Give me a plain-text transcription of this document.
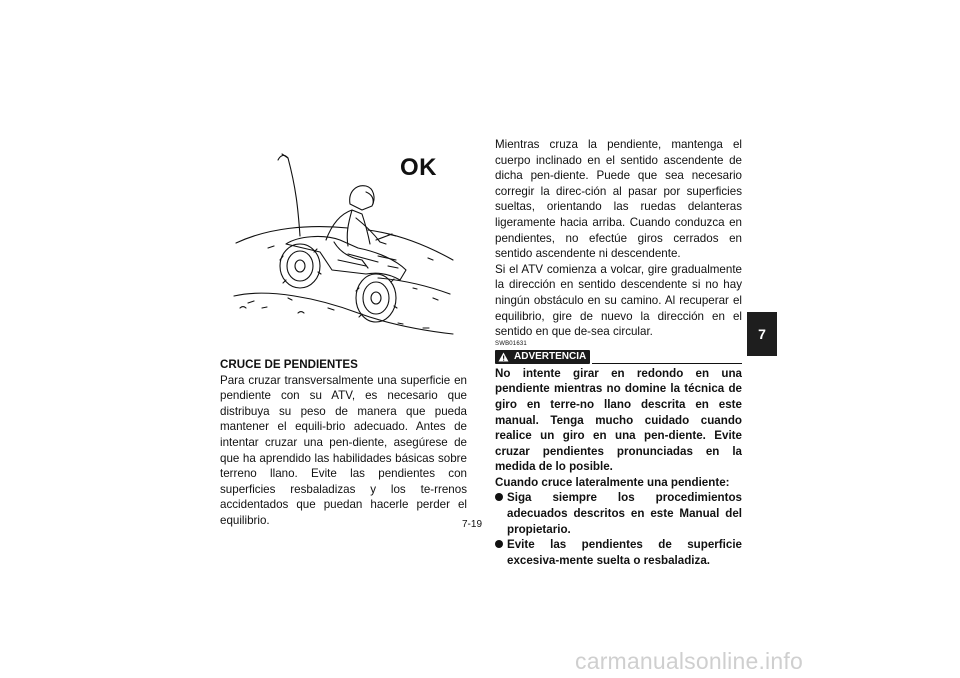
OK
CRUCE DE PENDIENTES

Para cruzar transversalmente una superficie en pendiente con su ATV, es necesario que distribuya su peso de manera que pueda mantener el equili-brio adecuado. Antes de intentar cruzar una pen-diente, asegúrese de que ha aprendido las habilidades básicas sobre terreno llano. Evite las pendientes con superficies resbaladizas y los te-rrenos accidentados que puedan hacerle perder el equilibrio.

Mientras cruza la pendiente, mantenga el cuerpo inclinado en el sentido ascendente de dicha pen-diente. Puede que sea necesario corregir la direc-ción al pasar por superficies sueltas, orientando las ruedas delanteras ligeramente hacia arriba. Cuando conduzca en pendientes, no efectúe giros cerrados en sentido ascendente ni descendente.

Si el ATV comienza a volcar, gire gradualmente la dirección en sentido descendente si no hay ningún obstáculo en su camino. Al recuperar el equilibrio, gire de nuevo la dirección en el sentido en que de-sea circular.

SWB01631
ADVERTENCIA

No intente girar en redondo en una pendiente mientras no domine la técnica de giro en terre-no llano descrita en este manual. Tenga mucho cuidado cuando realice un giro en una pen-diente. Evite cruzar pendientes pronunciadas en la medida de lo posible.

Cuando cruce lateralmente una pendiente:

Siga siempre los procedimientos adecuados descritos en este Manual del propietario.
Evite las pendientes de superficie excesiva-mente suelta o resbaladiza.
7
7-19
carmanualsonline.info
